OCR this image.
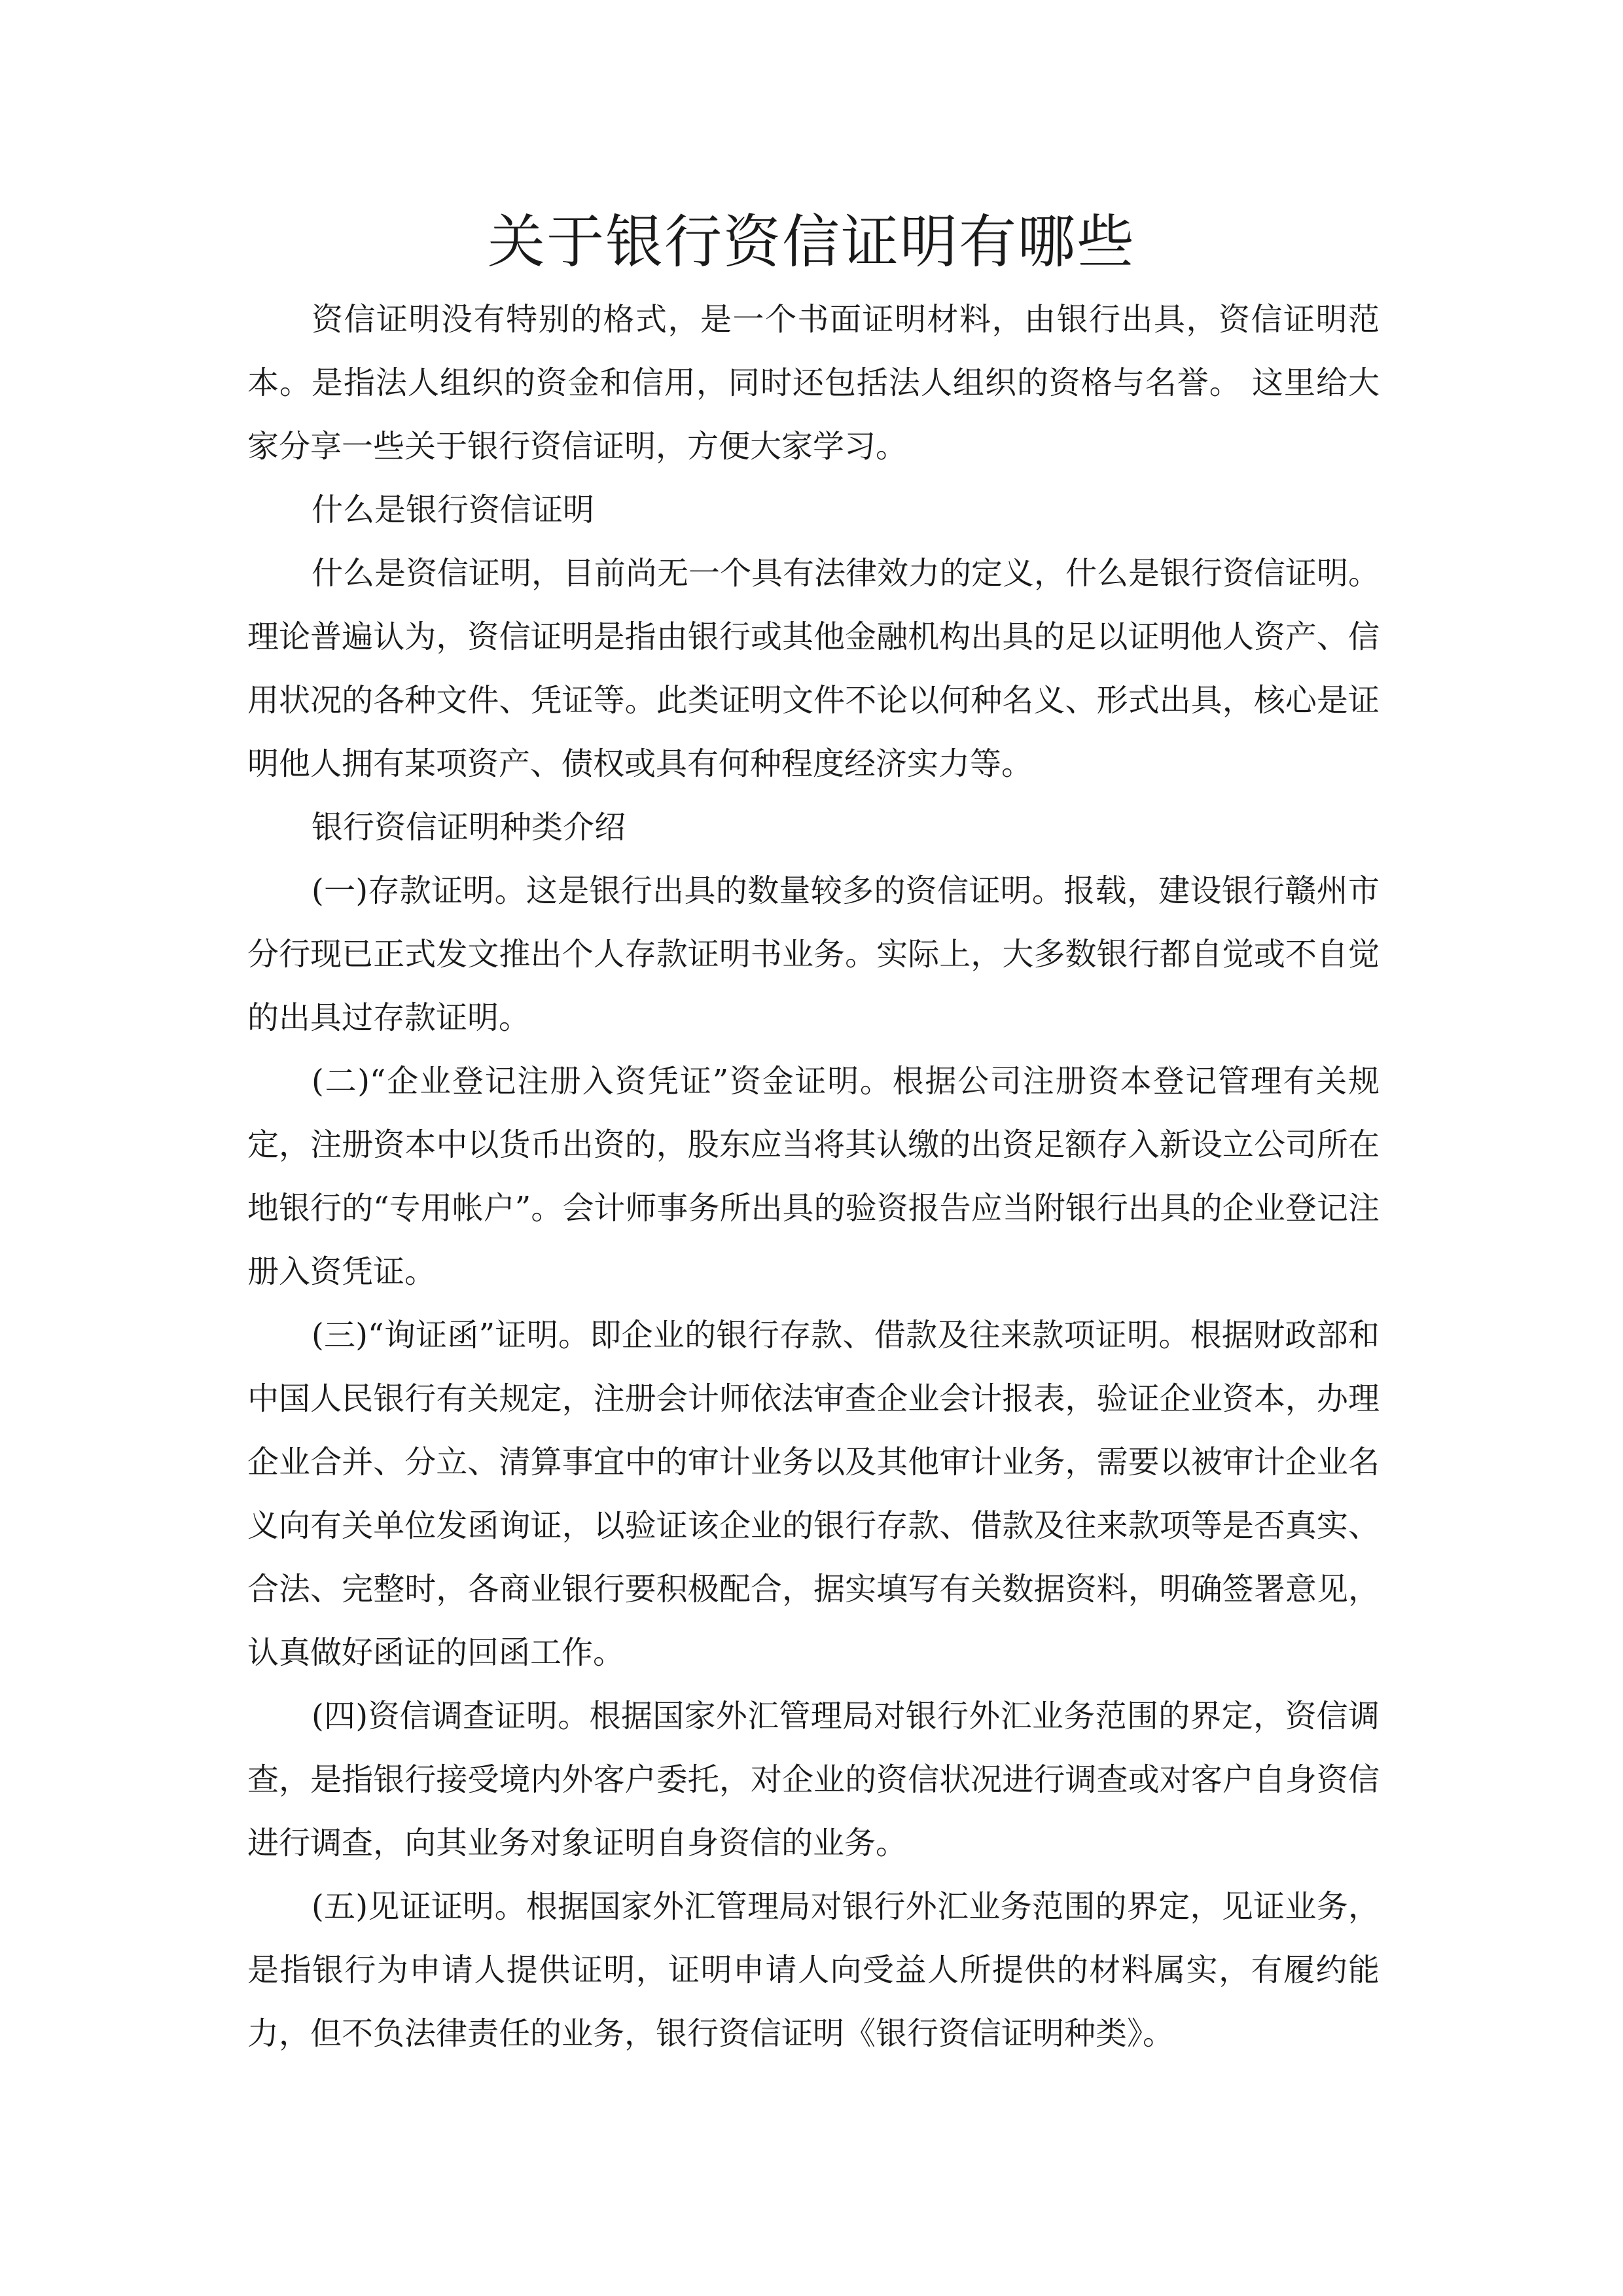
关于银行资信证明有哪些

资信证明没有特别的格式，是一个书面证明材料，由银行出具，资信证明范本。是指法人组织的资金和信用，同时还包括法人组织的资格与名誉。 这里给大家分享一些关于银行资信证明，方便大家学习。

什么是银行资信证明

什么是资信证明，目前尚无一个具有法律效力的定义，什么是银行资信证明。理论普遍认为，资信证明是指由银行或其他金融机构出具的足以证明他人资产、信用状况的各种文件、凭证等。此类证明文件不论以何种名义、形式出具，核心是证明他人拥有某项资产、债权或具有何种程度经济实力等。

银行资信证明种类介绍

(一)存款证明。这是银行出具的数量较多的资信证明。报载，建设银行赣州市分行现已正式发文推出个人存款证明书业务。实际上，大多数银行都自觉或不自觉的出具过存款证明。

(二)“企业登记注册入资凭证”资金证明。根据公司注册资本登记管理有关规定，注册资本中以货币出资的，股东应当将其认缴的出资足额存入新设立公司所在地银行的“专用帐户”。会计师事务所出具的验资报告应当附银行出具的企业登记注册入资凭证。

(三)“询证函”证明。即企业的银行存款、借款及往来款项证明。根据财政部和中国人民银行有关规定，注册会计师依法审查企业会计报表，验证企业资本，办理企业合并、分立、清算事宜中的审计业务以及其他审计业务，需要以被审计企业名义向有关单位发函询证，以验证该企业的银行存款、借款及往来款项等是否真实、合法、完整时，各商业银行要积极配合，据实填写有关数据资料，明确签署意见，认真做好函证的回函工作。

(四)资信调查证明。根据国家外汇管理局对银行外汇业务范围的界定，资信调查，是指银行接受境内外客户委托，对企业的资信状况进行调查或对客户自身资信进行调查，向其业务对象证明自身资信的业务。

(五)见证证明。根据国家外汇管理局对银行外汇业务范围的界定，见证业务，是指银行为申请人提供证明，证明申请人向受益人所提供的材料属实，有履约能力，但不负法律责任的业务，银行资信证明《银行资信证明种类》。
